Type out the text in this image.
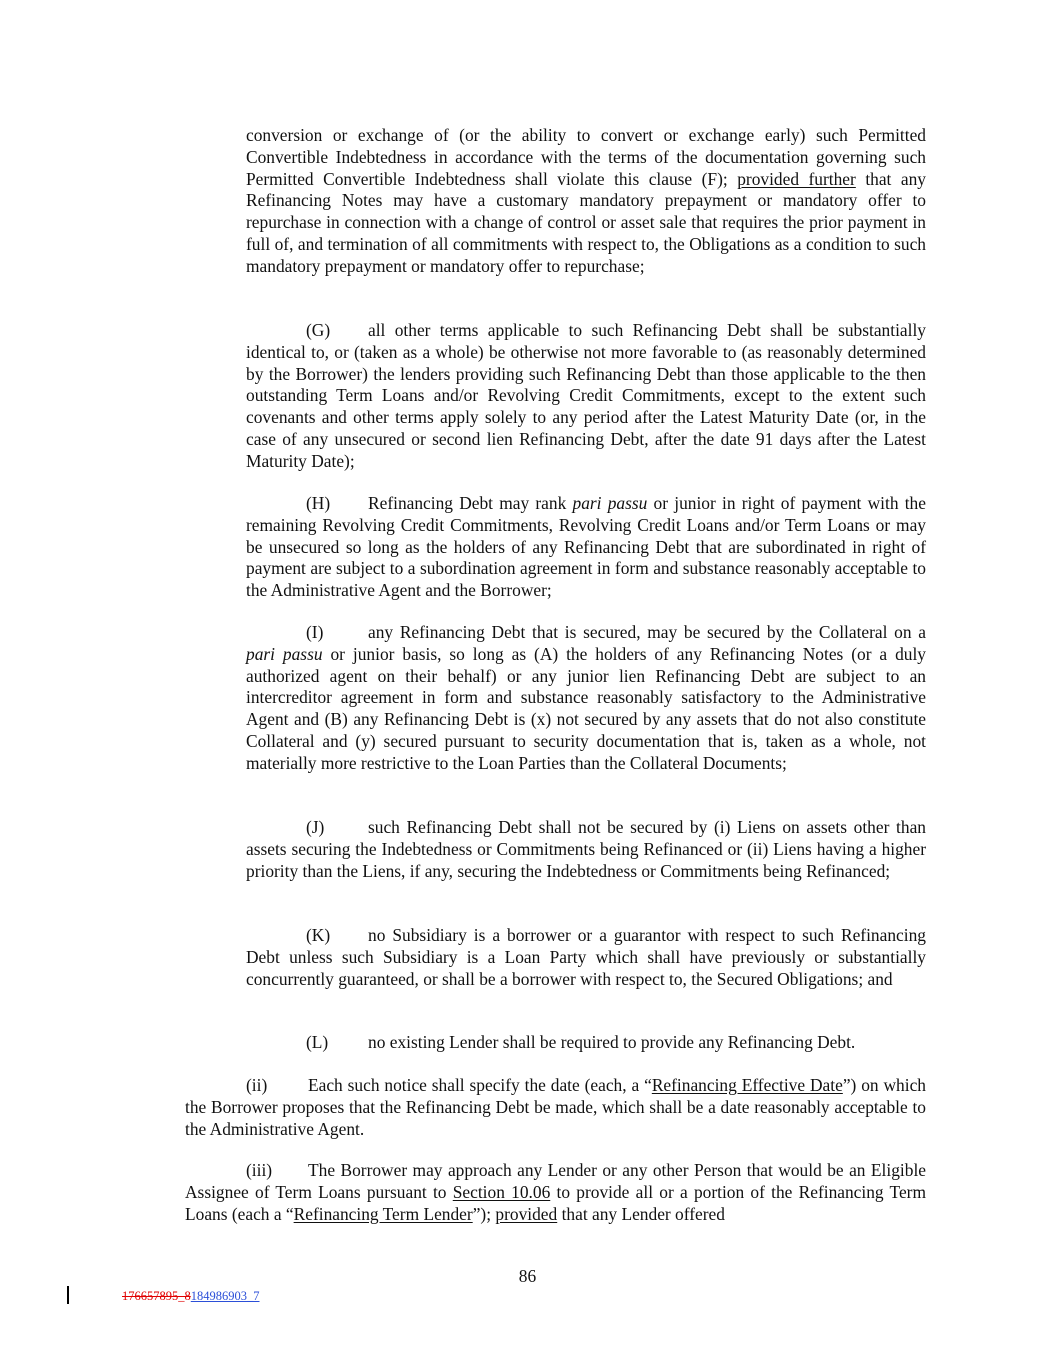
conversion or exchange of (or the ability to convert or exchange early) such Permitted Convertible Indebtedness in accordance with the terms of the documentation governing such Permitted Convertible Indebtedness shall violate this clause (F); provided further that any Refinancing Notes may have a customary mandatory prepayment or mandatory offer to repurchase in connection with a change of control or asset sale that requires the prior payment in full of, and termination of all commitments with respect to, the Obligations as a condition to such mandatory prepayment or mandatory offer to repurchase;

(G) all other terms applicable to such Refinancing Debt shall be substantially identical to, or (taken as a whole) be otherwise not more favorable to (as reasonably determined by the Borrower) the lenders providing such Refinancing Debt than those applicable to the then outstanding Term Loans and/or Revolving Credit Commitments, except to the extent such covenants and other terms apply solely to any period after the Latest Maturity Date (or, in the case of any unsecured or second lien Refinancing Debt, after the date 91 days after the Latest Maturity Date);

(H) Refinancing Debt may rank pari passu or junior in right of payment with the remaining Revolving Credit Commitments, Revolving Credit Loans and/or Term Loans or may be unsecured so long as the holders of any Refinancing Debt that are subordinated in right of payment are subject to a subordination agreement in form and substance reasonably acceptable to the Administrative Agent and the Borrower;

(I)	any Refinancing Debt that is secured, may be secured by the Collateral on a pari passu or junior basis, so long as (A) the holders of any Refinancing Notes (or a duly authorized agent on their behalf) or any junior lien Refinancing Debt are subject to an intercreditor agreement in form and substance reasonably satisfactory to the Administrative Agent and (B) any Refinancing Debt is (x) not secured by any assets that do not also constitute Collateral and (y) secured pursuant to security documentation that is, taken as a whole, not materially more restrictive to the Loan Parties than the Collateral Documents;

(J)	such Refinancing Debt shall not be secured by (i) Liens on assets other than assets securing the Indebtedness or Commitments being Refinanced or (ii) Liens having a higher priority than the Liens, if any, securing the Indebtedness or Commitments being Refinanced;

(K) no Subsidiary is a borrower or a guarantor with respect to such Refinancing Debt unless such Subsidiary is a Loan Party which shall have previously or substantially concurrently guaranteed, or shall be a borrower with respect to, the Secured Obligations; and

(L) no existing Lender shall be required to provide any Refinancing Debt.

(ii) Each such notice shall specify the date (each, a “Refinancing Effective Date”) on which the Borrower proposes that the Refinancing Debt be made, which shall be a date reasonably acceptable to the Administrative Agent.

(iii) The Borrower may approach any Lender or any other Person that would be an Eligible Assignee of Term Loans pursuant to Section 10.06 to provide all or a portion of the Refinancing Term Loans (each a “Refinancing Term Lender”); provided that any Lender offered

86
176657895_8184986903_7
